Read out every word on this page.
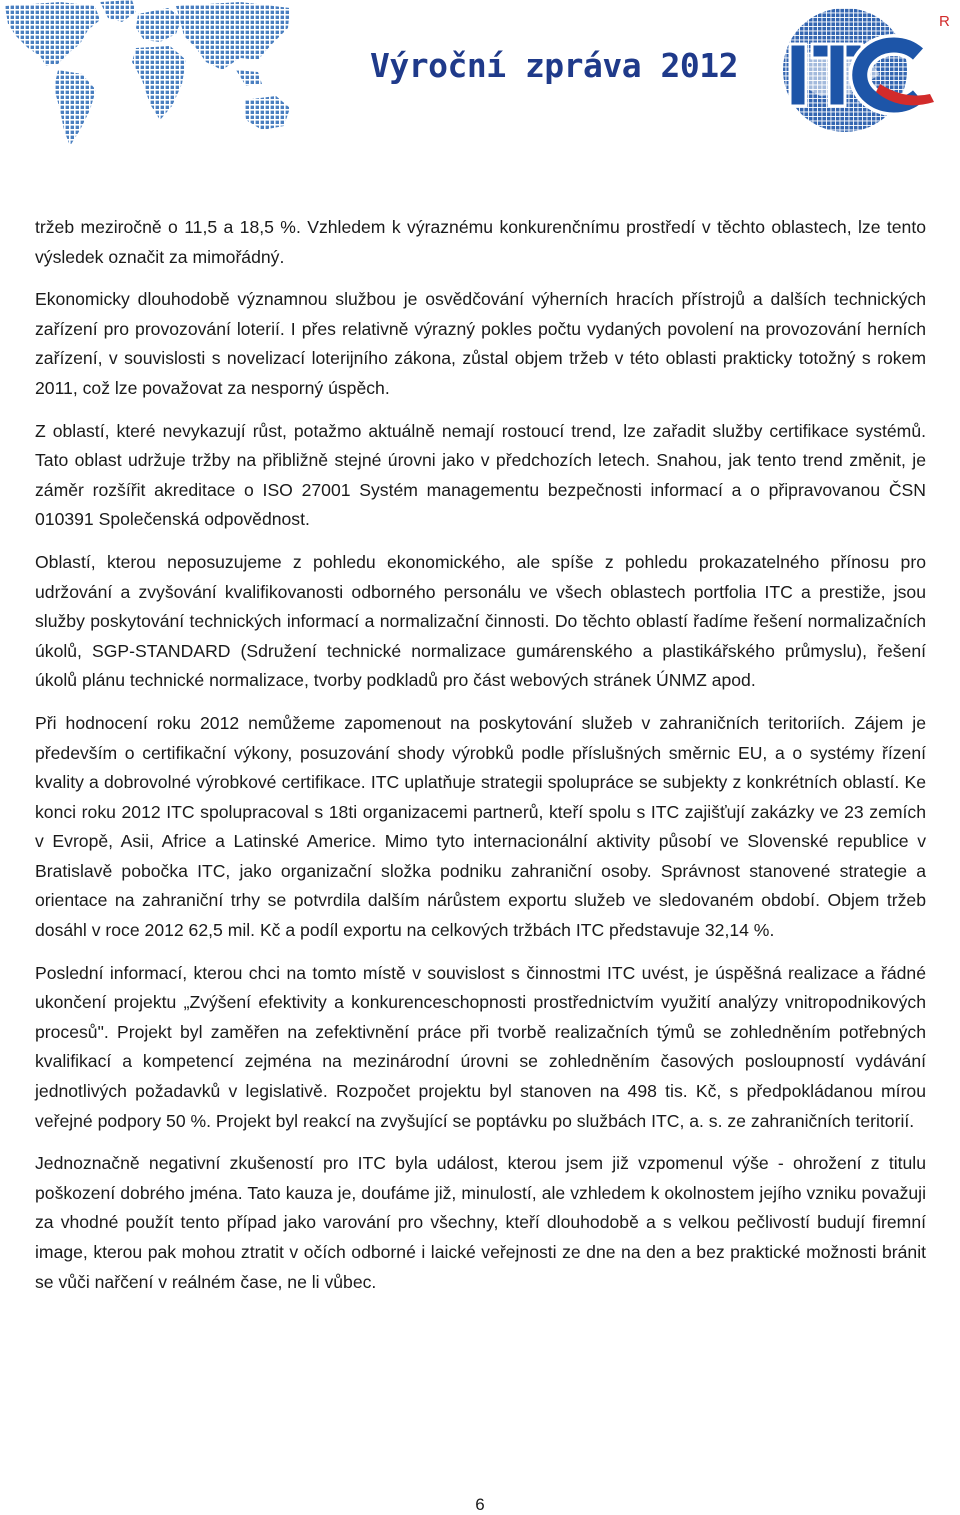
Výroční zpráva 2012
R

tržeb meziročně o 11,5 a 18,5 %. Vzhledem k výraznému konkurenčnímu prostředí v těchto oblastech, lze tento výsledek označit za mimořádný.

Ekonomicky dlouhodobě významnou službou je osvědčování výherních hracích přístrojů a dalších technických zařízení pro provozování loterií. I přes relativně výrazný pokles počtu vydaných povolení na provozování herních zařízení, v souvislosti s novelizací loterijního zákona, zůstal objem tržeb v této oblasti prakticky totožný s rokem 2011, což lze považovat za nesporný úspěch.

Z oblastí, které nevykazují růst, potažmo aktuálně nemají rostoucí trend, lze zařadit služby certifikace systémů. Tato oblast udržuje tržby na přibližně stejné úrovni jako v předchozích letech. Snahou, jak tento trend změnit, je záměr rozšířit akreditace o ISO 27001 Systém managementu bezpečnosti informací a o připravovanou ČSN 010391 Společenská odpovědnost.

Oblastí, kterou neposuzujeme z pohledu ekonomického, ale spíše z pohledu prokazatelného přínosu pro udržování a zvyšování kvalifikovanosti odborného personálu ve všech oblastech portfolia ITC a prestiže, jsou služby poskytování technických informací a normalizační činnosti. Do těchto oblastí řadíme řešení normalizačních úkolů, SGP-STANDARD (Sdružení technické normalizace gumárenského a plastikářského průmyslu), řešení úkolů plánu technické normalizace, tvorby podkladů pro část webových stránek ÚNMZ apod.

Při hodnocení roku 2012 nemůžeme zapomenout na poskytování služeb v zahraničních teritoriích. Zájem je především o certifikační výkony, posuzování shody výrobků podle příslušných směrnic EU, a o systémy řízení kvality a dobrovolné výrobkové certifikace. ITC uplatňuje strategii spolupráce se subjekty z konkrétních oblastí. Ke konci roku 2012 ITC spolupracoval s 18ti organizacemi partnerů, kteří spolu s ITC zajišťují zakázky ve 23 zemích v Evropě, Asii, Africe a Latinské Americe. Mimo tyto internacionální aktivity působí ve Slovenské republice v Bratislavě pobočka ITC, jako organizační složka podniku zahraniční osoby. Správnost stanovené strategie a orientace na zahraniční trhy se potvrdila dalším nárůstem exportu služeb ve sledovaném období. Objem tržeb dosáhl v roce 2012 62,5 mil. Kč a podíl exportu na celkových tržbách ITC představuje 32,14 %.

Poslední informací, kterou chci na tomto místě v souvislost s činnostmi ITC uvést, je úspěšná realizace a řádné ukončení projektu „Zvýšení efektivity a konkurenceschopnosti prostřednictvím využití analýzy vnitropodnikových procesů". Projekt byl zaměřen na zefektivnění práce při tvorbě realizačních týmů se zohledněním potřebných kvalifikací a kompetencí zejména na mezinárodní úrovni se zohledněním časových posloupností vydávání jednotlivých požadavků v legislativě. Rozpočet projektu byl stanoven na 498 tis. Kč, s předpokládanou mírou veřejné podpory 50 %. Projekt byl reakcí na zvyšující se poptávku po službách ITC, a. s. ze zahraničních teritorií.

Jednoznačně negativní zkušeností pro ITC byla událost, kterou jsem již vzpomenul výše - ohrožení z titulu poškození dobrého jména. Tato kauza je, doufáme již, minulostí, ale vzhledem k okolnostem jejího vzniku považuji za vhodné použít tento případ jako varování pro všechny, kteří dlouhodobě a s velkou pečlivostí budují firemní image, kterou pak mohou ztratit v očích odborné i laické veřejnosti ze dne na den a bez praktické možnosti bránit se vůči nařčení v reálném čase, ne li vůbec.

6
